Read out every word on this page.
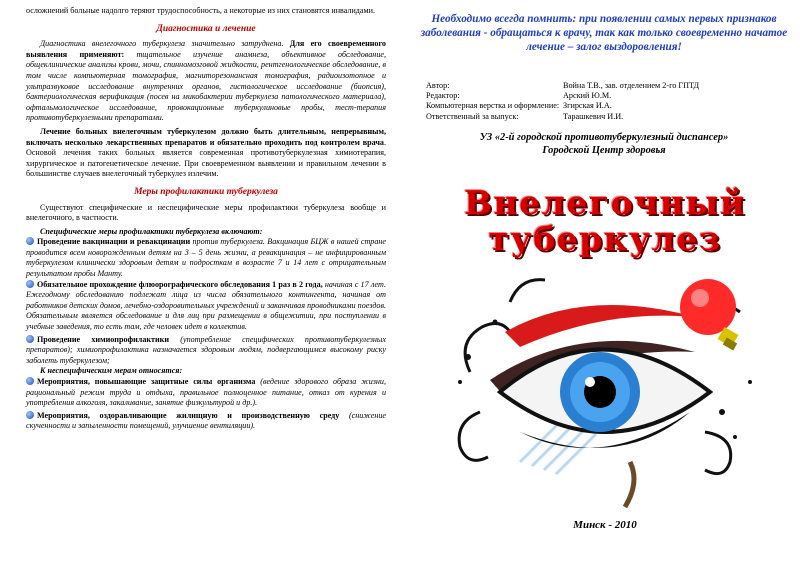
осложнений больные надолго теряют трудоспособность, а некоторые из них становятся инвалидами.

Диагностика и лечение

Диагностика внелегочного туберкулеза значительно затруднена. Для его своевременного выявления применяют: тщательное изучение анамнеза, объективное обследование, общеклинические анализы крови, мочи, спинномозговой жидкости, рентгенологическое обследование, в том числе компьютерная томография, магниторезонансная томография, радиоизотопное и ультразвуковое исследование внутренних органов, гистологическое исследование (биопсия), бактериологическая верификация (посев на микобактерии туберкулеза патологического материала), офтальмологическое исследование, провокационные туберкулиновые пробы, тест-терапия противотуберкулезными препаратами.

Лечение больных внелегочным туберкулезом должно быть длительным, непрерывным, включать несколько лекарственных препаратов и обязательно проходить под контролем врача. Основой лечения таких больных является современная противотуберкулезная химиотерапия, хирургическое и патогенетическое лечение. При своевременном выявлении и правильном лечении в большинстве случаев внелегочный туберкулез излечим.

Меры профилактики туберкулеза

Существуют специфические и неспецифические меры профилактики туберкулеза вообще и внелегочного, в частности.

Специфические меры профилактики туберкулеза включают:

Проведение вакцинации и ревакцинации против туберкулеза. Вакцинация БЦЖ в нашей стране проводится всем новорожденным детям на 3 – 5 день жизни, а ревакцинация – не инфицированным туберкулезом клинически здоровым детям и подросткам в возрасте 7 и 14 лет с отрицательным результатом пробы Манту.

Обязательное прохождение флюорографического обследования 1 раз в 2 года, начиная с 17 лет. Ежегодному обследованию подлежат лица из числа обязательного контингента, начиная от работников детских домов, лечебно-оздоровительных учреждений и заканчивая проводниками поездов. Обязательным является обследование и для лиц при размещении в общежитии, при поступлении в учебные заведения, то есть там, где человек идет в коллектив.

Проведение химиопрофилактики (употребление специфических противотуберкулезных препаратов); химиопрофилактика назначается здоровым людям, подвергающимся высокому риску заболеть туберкулезом;

К неспецифическим мерам относятся:

Мероприятия, повышающие защитные силы организма (ведение здорового образа жизни, рациональный режим труда и отдыха, правильное полноценное питание, отказ от курения и употребления алкоголя, закаливание, занятие физкультурой и др.).

Мероприятия, оздоравливающие жилищную и производственную среду (снижение скученности и запыленности помещений, улучшение вентиляции).

Необходимо всегда помнить: при появлении самых первых признаков заболевания - обращаться к врачу, так как только своевременно начатое лечение – залог выздоровления!
Автор:	Война Т.В., зав. отделением 2-го ГПТД
Редактор:	Арский Ю.М.
Компьютерная верстка и оформление: Згирская И.А.
Ответственный за выпуск:	Тарашкевич И.И.
УЗ «2-й городской противотуберкулезный диспансер»
Городской Центр здоровья
Внелегочный
туберкулез
Минск - 2010
